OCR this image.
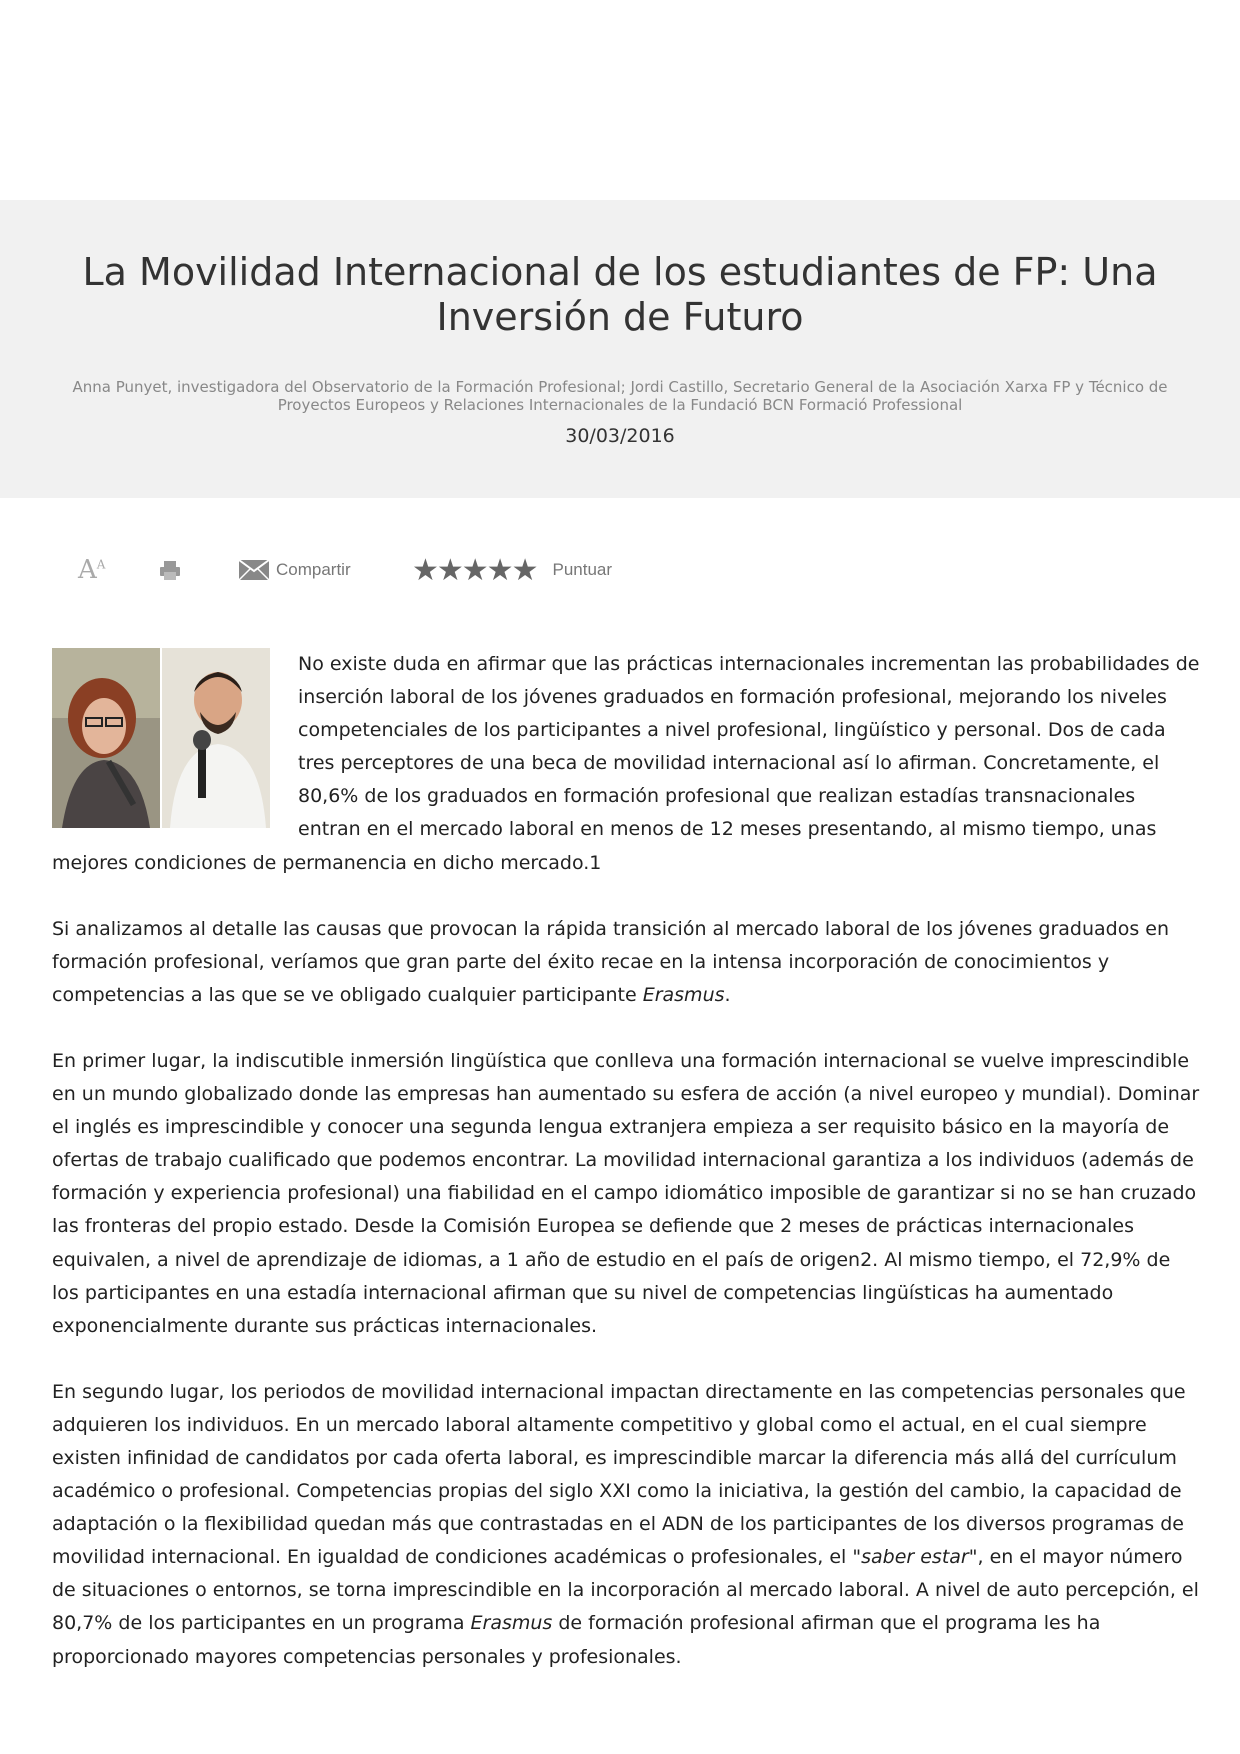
La Movilidad Internacional de los estudiantes de FP: Una Inversión de Futuro
Anna Punyet, investigadora del Observatorio de la Formación Profesional; Jordi Castillo, Secretario General de la Asociación Xarxa FP y Técnico de Proyectos Europeos y Relaciones Internacionales de la Fundació BCN Formació Professional
30/03/2016
$A^A$	Compartir ★★★★★ Puntuar

No existe duda en afirmar que las prácticas internacionales incrementan las probabilidades de inserción laboral de los jóvenes graduados en formación profesional, mejorando los niveles competenciales de los participantes a nivel profesional, lingüístico y personal. Dos de cada tres perceptores de una beca de movilidad internacional así lo afirman. Concretamente, el 80,6% de los graduados en formación profesional que realizan estadías transnacionales entran en el mercado laboral en menos de 12 meses presentando, al mismo tiempo, unas mejores condiciones de permanencia en dicho mercado.1

Si analizamos al detalle las causas que provocan la rápida transición al mercado laboral de los jóvenes graduados en formación profesional, veríamos que gran parte del éxito recae en la intensa incorporación de conocimientos y competencias a las que se ve obligado cualquier participante Erasmus.

En primer lugar, la indiscutible inmersión lingüística que conlleva una formación internacional se vuelve imprescindible en un mundo globalizado donde las empresas han aumentado su esfera de acción (a nivel europeo y mundial). Dominar el inglés es imprescindible y conocer una segunda lengua extranjera empieza a ser requisito básico en la mayoría de ofertas de trabajo cualificado que podemos encontrar. La movilidad internacional garantiza a los individuos (además de formación y experiencia profesional) una fiabilidad en el campo idiomático imposible de garantizar si no se han cruzado las fronteras del propio estado. Desde la Comisión Europea se defiende que 2 meses de prácticas internacionales equivalen, a nivel de aprendizaje de idiomas, a 1 año de estudio en el país de origen2. Al mismo tiempo, el 72,9% de los participantes en una estadía internacional afirman que su nivel de competencias lingüísticas ha aumentado exponencialmente durante sus prácticas internacionales.

En segundo lugar, los periodos de movilidad internacional impactan directamente en las competencias personales que adquieren los individuos. En un mercado laboral altamente competitivo y global como el actual, en el cual siempre existen infinidad de candidatos por cada oferta laboral, es imprescindible marcar la diferencia más allá del currículum académico o profesional. Competencias propias del siglo XXI como la iniciativa, la gestión del cambio, la capacidad de adaptación o la flexibilidad quedan más que contrastadas en el ADN de los participantes de los diversos programas de movilidad internacional. En igualdad de condiciones académicas o profesionales, el "saber estar", en el mayor número de situaciones o entornos, se torna imprescindible en la incorporación al mercado laboral. A nivel de auto percepción, el 80,7% de los participantes en un programa Erasmus de formación profesional afirman que el programa les ha proporcionado mayores competencias personales y profesionales.
